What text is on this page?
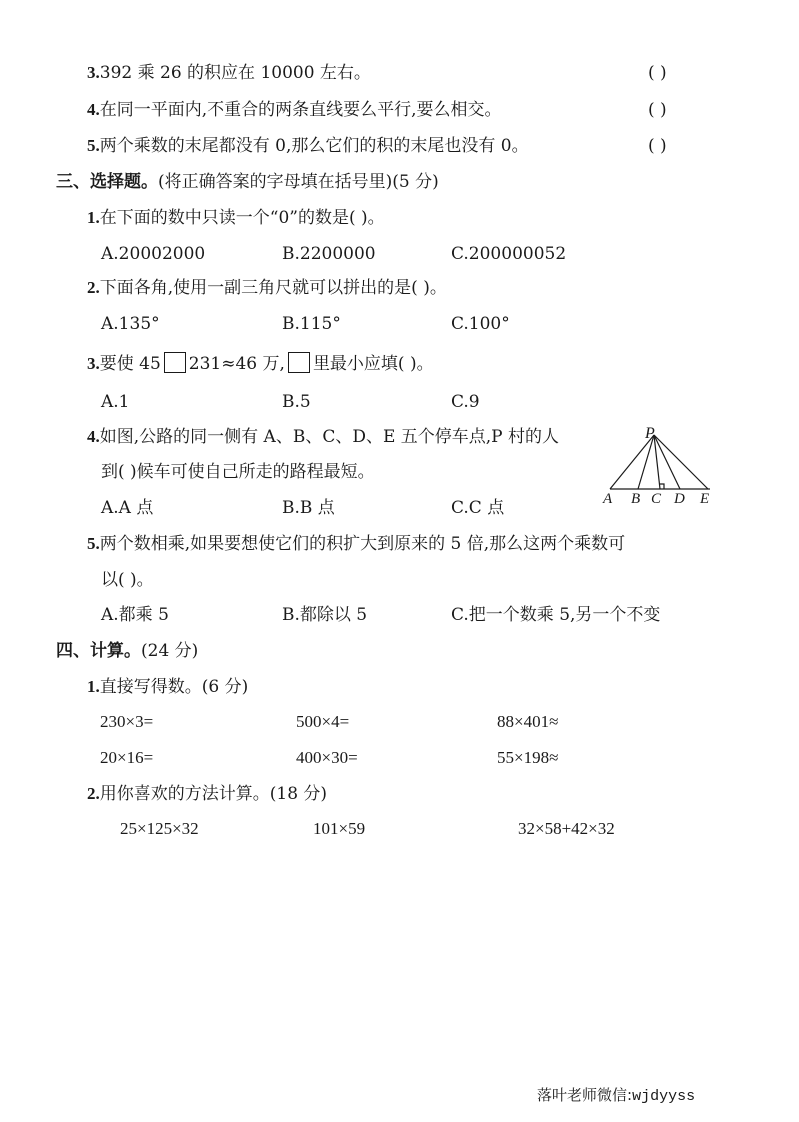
3.392 乘 26 的积应在 10000 左右。	( )
4.在同一平面内,不重合的两条直线要么平行,要么相交。	( )
5.两个乘数的末尾都没有 0,那么它们的积的末尾也没有 0。	( )
三、选择题。(将正确答案的字母填在括号里)(5 分)
1.在下面的数中只读一个“0”的数是( )。
A.20002000	B.2200000	C.200000052
2.下面各角,使用一副三角尺就可以拼出的是( )。
A.135°	B.115°	C.100°
3.要使 45 231≈46 万, 里最小应填( )。
A.1	B.5	C.9
4.如图,公路的同一侧有 A、B、C、D、E 五个停车点,P 村的人
到( )候车可使自己所走的路程最短。
A.A 点	B.B 点	C.C 点
P
A B C D E
5.两个数相乘,如果要想使它们的积扩大到原来的 5 倍,那么这两个乘数可
以( )。
A.都乘 5	B.都除以 5	C.把一个数乘 5,另一个不变
四、计算。(24 分)
1.直接写得数。(6 分)
230×3=	500×4=	88×401≈
20×16=	400×30=	55×198≈
2.用你喜欢的方法计算。(18 分)
25×125×32	101×59	32×58+42×32
落叶老师微信:wjdyyss
